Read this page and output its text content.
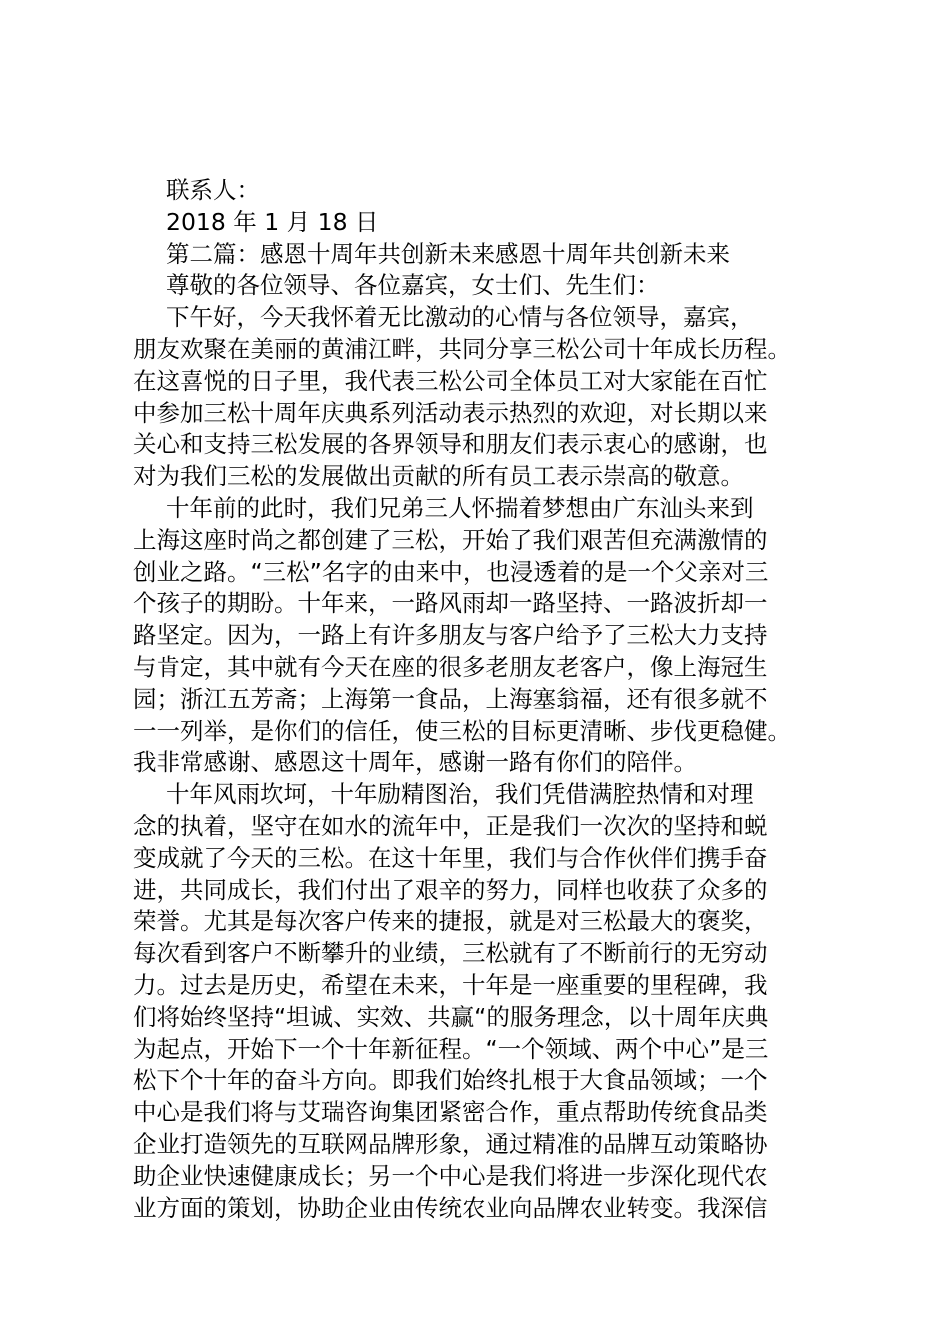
联系人：
2018 年 1 月 18 日
第二篇：感恩十周年共创新未来感恩十周年共创新未来
尊敬的各位领导、各位嘉宾，女士们、先生们：
下午好，今天我怀着无比激动的心情与各位领导，嘉宾，
朋友欢聚在美丽的黄浦江畔，共同分享三松公司十年成长历程。
在这喜悦的日子里，我代表三松公司全体员工对大家能在百忙
中参加三松十周年庆典系列活动表示热烈的欢迎，对长期以来
关心和支持三松发展的各界领导和朋友们表示衷心的感谢，也
对为我们三松的发展做出贡献的所有员工表示崇高的敬意。
十年前的此时，我们兄弟三人怀揣着梦想由广东汕头来到
上海这座时尚之都创建了三松，开始了我们艰苦但充满激情的
创业之路。“三松”名字的由来中，也浸透着的是一个父亲对三
个孩子的期盼。十年来，一路风雨却一路坚持、一路波折却一
路坚定。因为，一路上有许多朋友与客户给予了三松大力支持
与肯定，其中就有今天在座的很多老朋友老客户，像上海冠生
园；浙江五芳斋；上海第一食品，上海塞翁福，还有很多就不
一一列举，是你们的信任，使三松的目标更清晰、步伐更稳健。
我非常感谢、感恩这十周年，感谢一路有你们的陪伴。
十年风雨坎坷，十年励精图治，我们凭借满腔热情和对理
念的执着，坚守在如水的流年中，正是我们一次次的坚持和蜕
变成就了今天的三松。在这十年里，我们与合作伙伴们携手奋
进，共同成长，我们付出了艰辛的努力，同样也收获了众多的
荣誉。尤其是每次客户传来的捷报，就是对三松最大的褒奖，
每次看到客户不断攀升的业绩，三松就有了不断前行的无穷动
力。过去是历史，希望在未来，十年是一座重要的里程碑，我
们将始终坚持“坦诚、实效、共赢“的服务理念，以十周年庆典
为起点，开始下一个十年新征程。“一个领域、两个中心”是三
松下个十年的奋斗方向。即我们始终扎根于大食品领域；一个
中心是我们将与艾瑞咨询集团紧密合作，重点帮助传统食品类
企业打造领先的互联网品牌形象，通过精准的品牌互动策略协
助企业快速健康成长；另一个中心是我们将进一步深化现代农
业方面的策划，协助企业由传统农业向品牌农业转变。我深信
